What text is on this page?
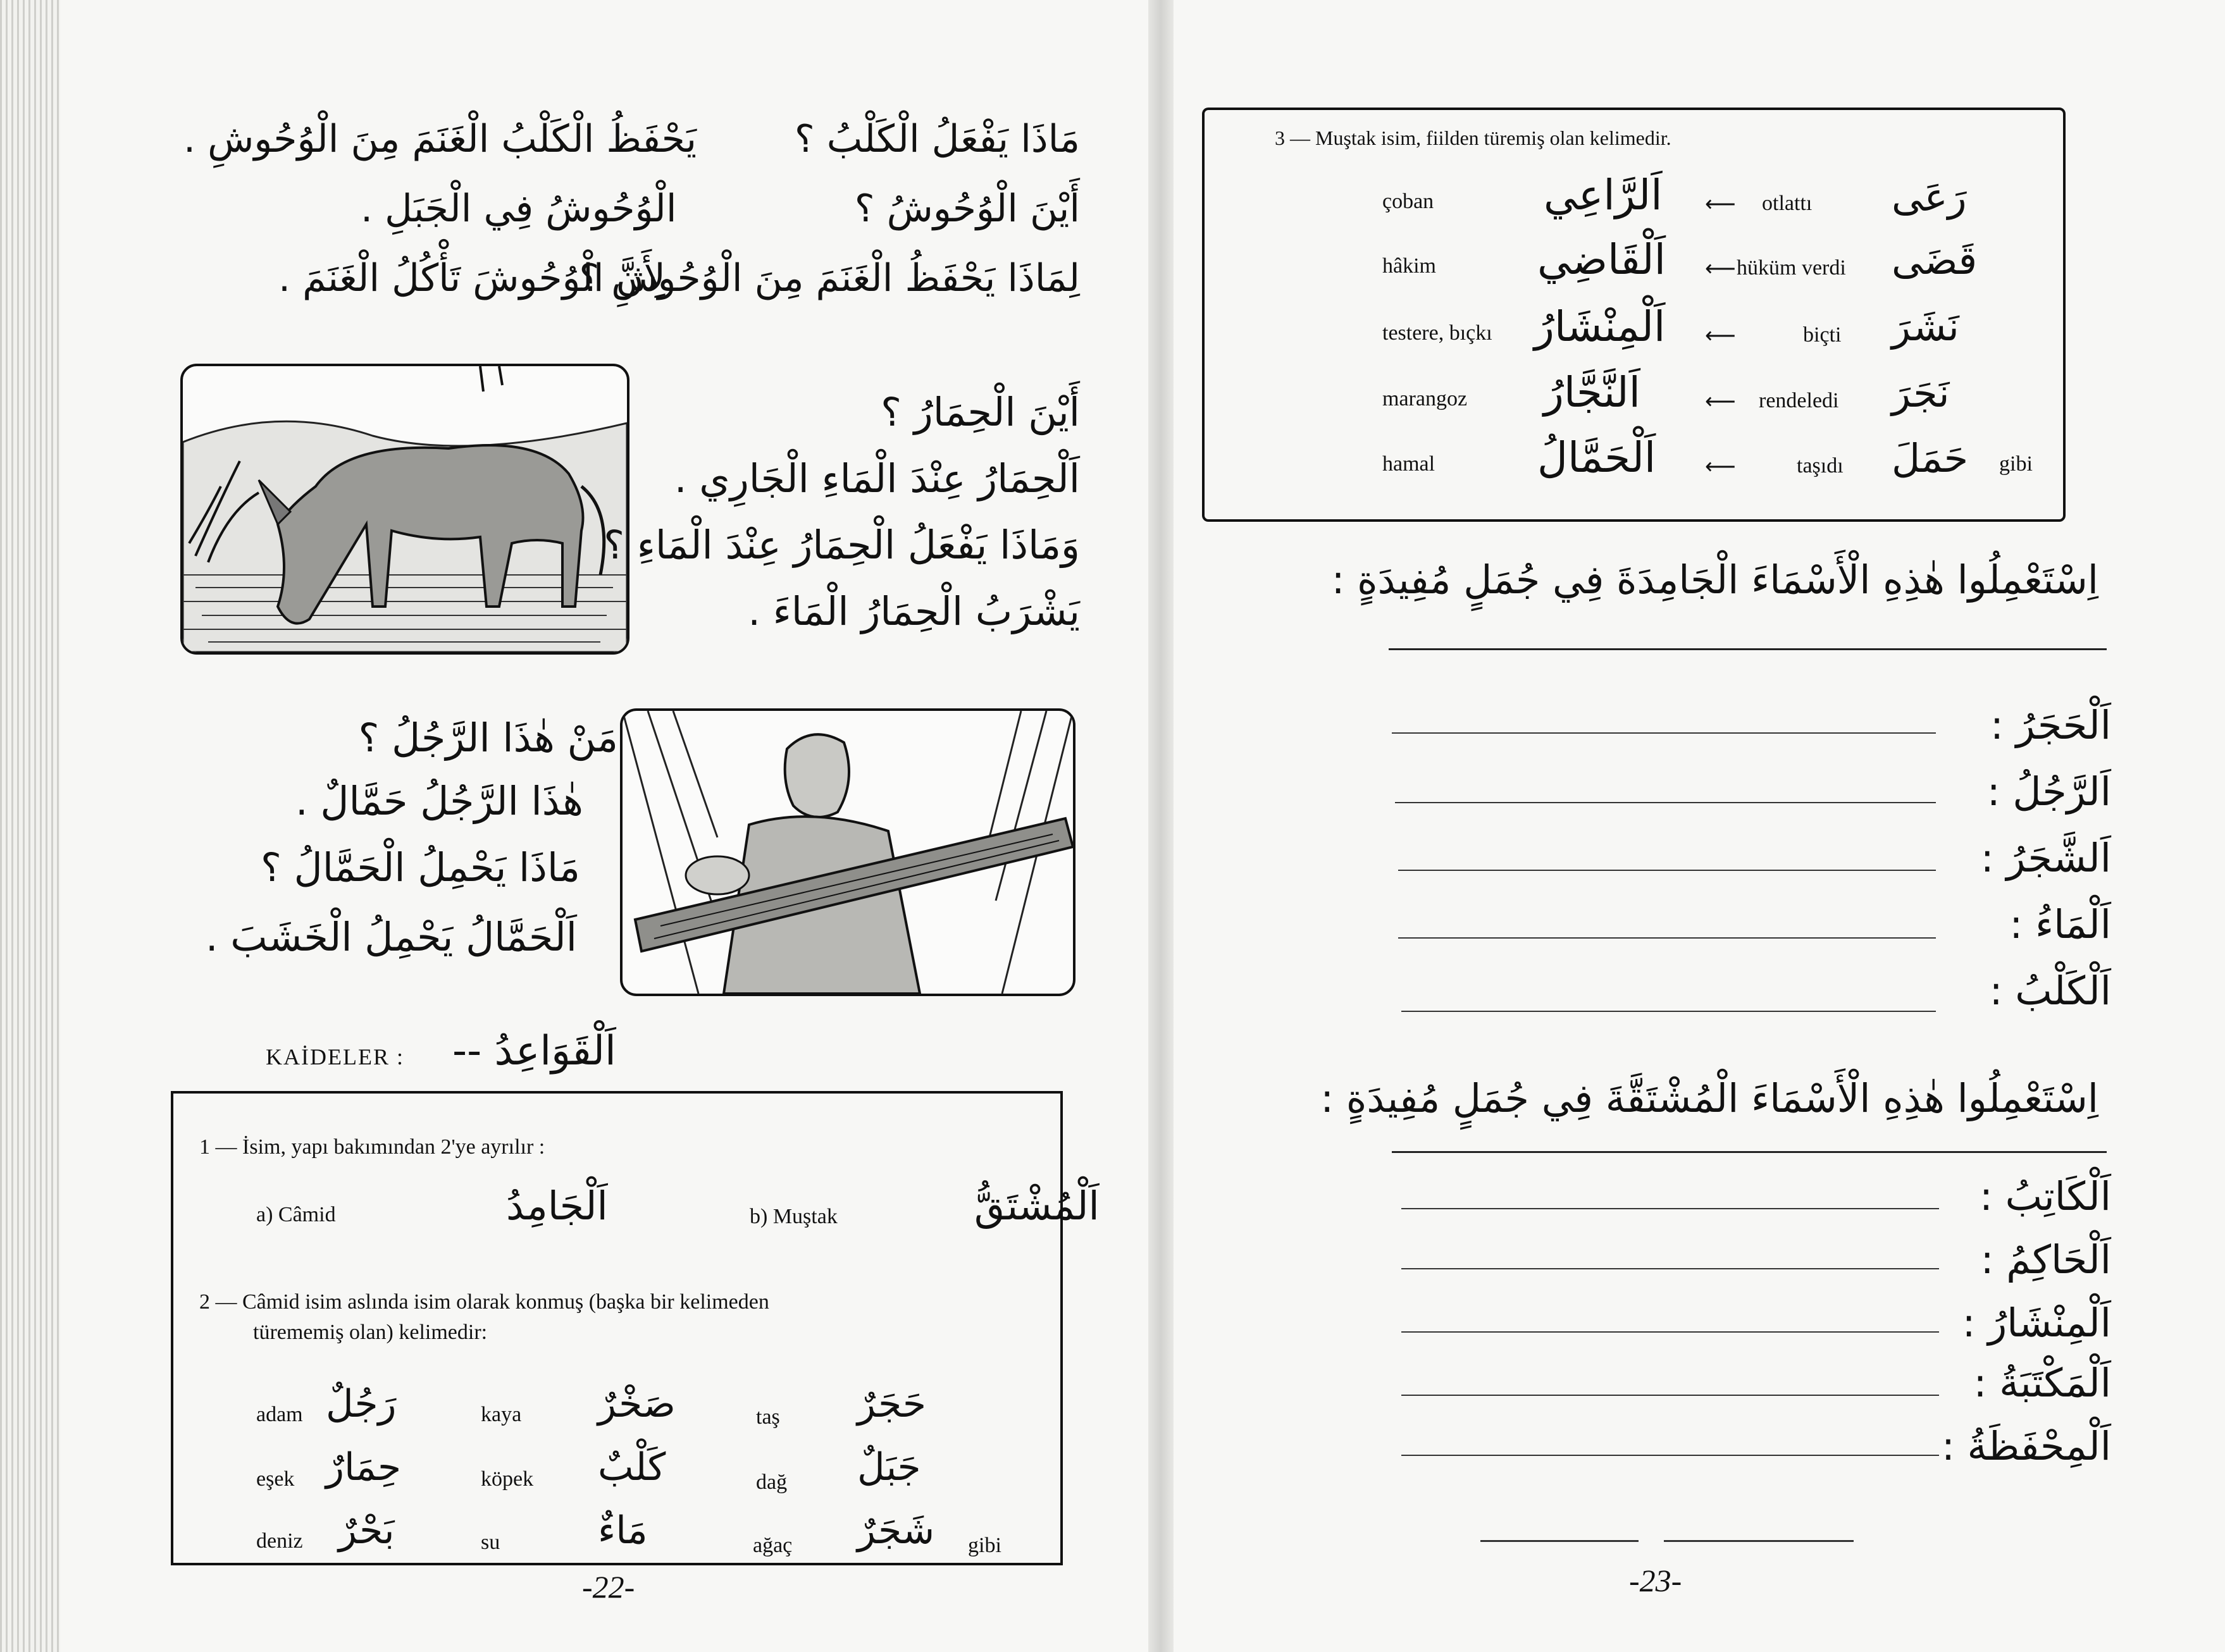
مَاذَا يَفْعَلُ الْكَلْبُ ؟
يَحْفَظُ الْكَلْبُ الْغَنَمَ مِنَ الْوُحُوشِ .
أَيْنَ الْوُحُوشُ ؟
الْوُحُوشُ فِي الْجَبَلِ .
لِمَاذَا يَحْفَظُ الْغَنَمَ مِنَ الْوُحُوشِ ؟
لِأَنَّ الْوُحُوشَ تَأْكُلُ الْغَنَمَ .
أَيْنَ الْحِمَارُ ؟
اَلْحِمَارُ عِنْدَ الْمَاءِ الْجَارِي .
وَمَاذَا يَفْعَلُ الْحِمَارُ عِنْدَ الْمَاءِ ؟
يَشْرَبُ الْحِمَارُ الْمَاءَ .
مَنْ هٰذَا الرَّجُلُ ؟
هٰذَا الرَّجُلُ حَمَّالٌ .
مَاذَا يَحْمِلُ الْحَمَّالُ ؟
اَلْحَمَّالُ يَحْمِلُ الْخَشَبَ .
KAİDELER : اَلْقَوَاعِدُ --
1 — İsim, yapı bakımından 2'ye ayrılır :
a) Câmid	اَلْجَامِدُ	b) Muştak	اَلْمُشْتَقُّ
2 — Câmid isim aslında isim olarak konmuş (başka bir kelimeden
türememiş olan) kelimedir:
adam رَجُلٌ	kaya صَخْرٌ	taş حَجَرٌ
eşek حِمَارٌ	köpek كَلْبٌ	dağ جَبَلٌ
deniz بَحْرٌ	su	مَاءٌ	ağaç شَجَرٌ gibi
-22-
3 — Muştak isim, fiilden türemiş olan kelimedir.
çoban	اَلرَّاعِي ⟵ otlattı رَعَى
hâkim اَلْقَاضِي ⟵ hüküm verdi قَضَى
testere, bıçkı اَلْمِنْشَارُ ⟵	biçti نَشَرَ
marangoz اَلنَّجَّارُ	⟵ rendeledi نَجَرَ
hamal اَلْحَمَّالُ ⟵	taşıdı حَمَلَ gibi
اِسْتَعْمِلُوا هٰذِهِ الْأَسْمَاءَ الْجَامِدَةَ فِي جُمَلٍ مُفِيدَةٍ :
اَلْحَجَرُ :
اَلرَّجُلُ :
اَلشَّجَرُ :
اَلْمَاءُ :
اَلْكَلْبُ :
اِسْتَعْمِلُوا هٰذِهِ الْأَسْمَاءَ الْمُشْتَقَّةَ فِي جُمَلٍ مُفِيدَةٍ :
اَلْكَاتِبُ :
اَلْحَاكِمُ :
اَلْمِنْشَارُ :
اَلْمَكْتَبَةُ :
اَلْمِحْفَظَةُ :
-23-
